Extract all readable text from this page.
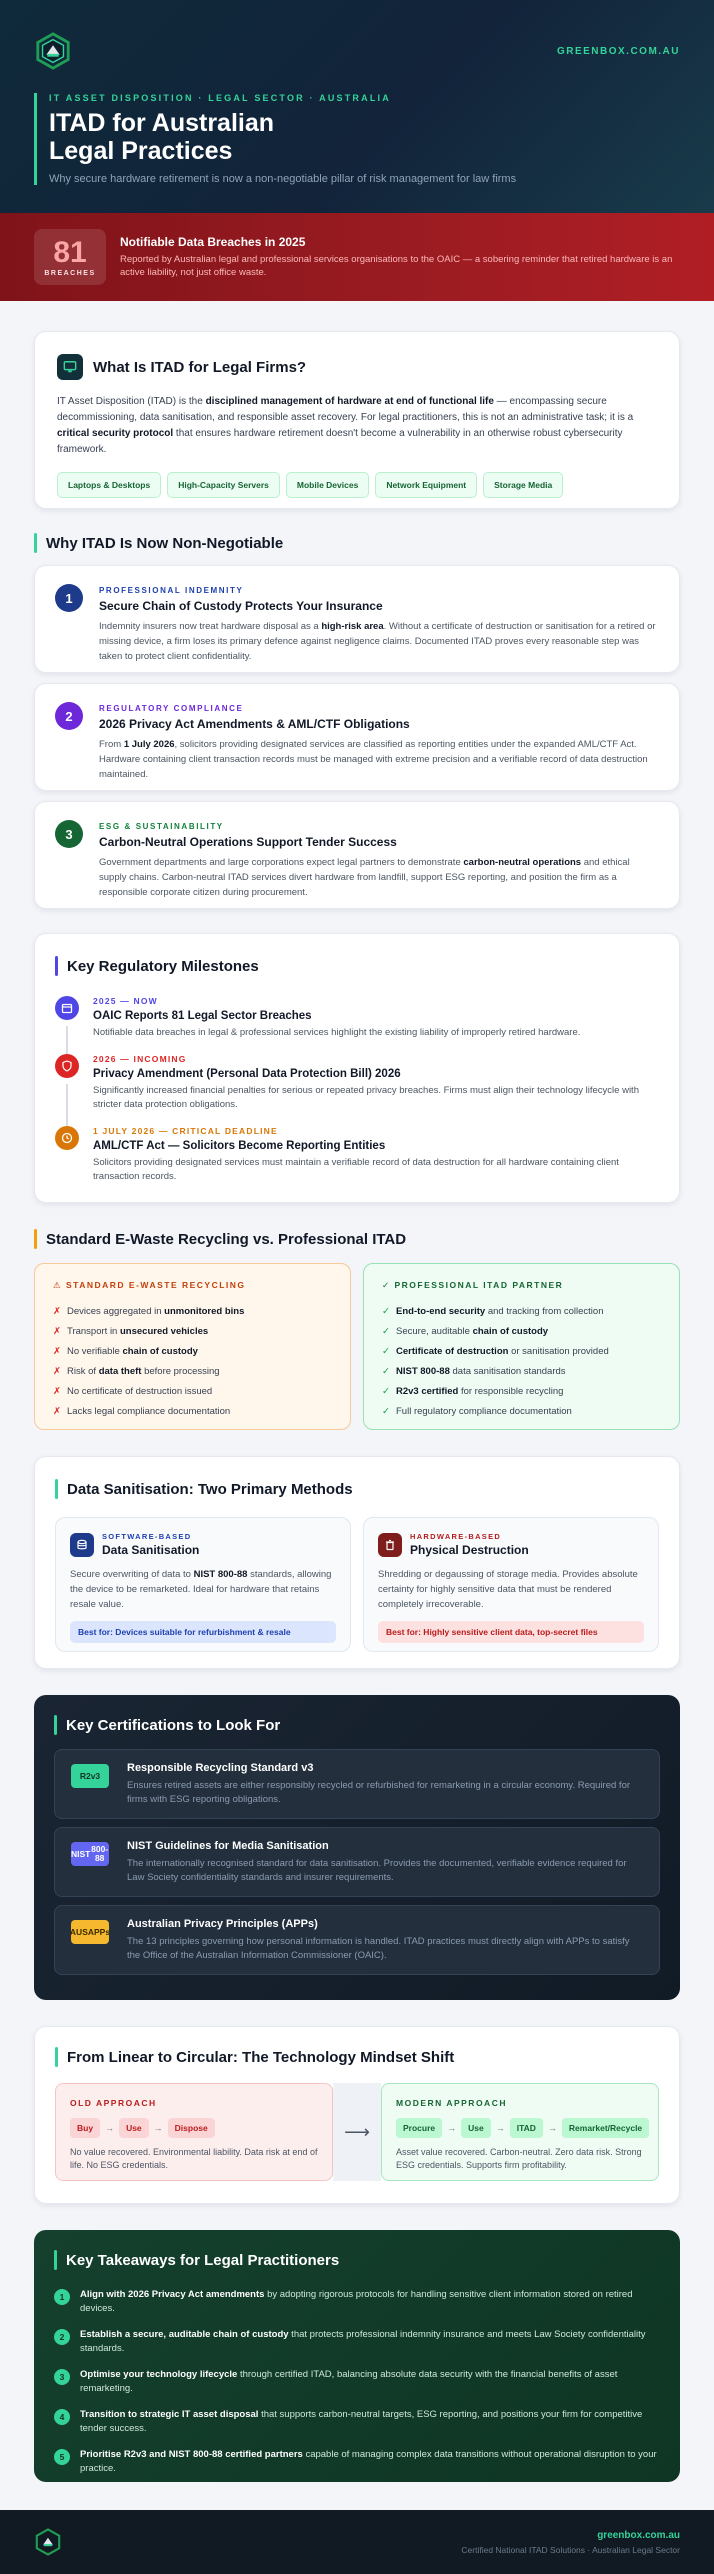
GREENBOX.COM.AU
IT ASSET DISPOSITION · LEGAL SECTOR · AUSTRALIA
ITAD for Australian
Legal Practices
Why secure hardware retirement is now a non-negotiable pillar of risk management for law firms
81
BREACHES
Notifiable Data Breaches in 2025
Reported by Australian legal and professional services organisations to the OAIC — a sobering reminder that retired hardware is an active liability, not just office waste.
What Is ITAD for Legal Firms?

IT Asset Disposition (ITAD) is the disciplined management of hardware at end of functional life — encompassing secure decommissioning, data sanitisation, and responsible asset recovery. For legal practitioners, this is not an administrative task; it is a critical security protocol that ensures hardware retirement doesn't become a vulnerability in an otherwise robust cybersecurity framework.

Laptops & Desktops	High-Capacity Servers	Mobile Devices	Network Equipment	Storage Media
Why ITAD Is Now Non-Negotiable
1	PROFESSIONAL INDEMNITY
Secure Chain of Custody Protects Your Insurance
Indemnity insurers now treat hardware disposal as a high-risk area. Without a certificate of destruction or sanitisation for a retired or missing device, a firm loses its primary defence against negligence claims. Documented ITAD proves every reasonable step was taken to protect client confidentiality.
2	REGULATORY COMPLIANCE
2026 Privacy Act Amendments & AML/CTF Obligations
From 1 July 2026, solicitors providing designated services are classified as reporting entities under the expanded AML/CTF Act. Hardware containing client transaction records must be managed with extreme precision and a verifiable record of data destruction maintained.
3	ESG & SUSTAINABILITY
Carbon-Neutral Operations Support Tender Success
Government departments and large corporations expect legal partners to demonstrate carbon-neutral operations and ethical supply chains. Carbon-neutral ITAD services divert hardware from landfill, support ESG reporting, and position the firm as a responsible corporate citizen during procurement.
Key Regulatory Milestones
2025 — NOW
OAIC Reports 81 Legal Sector Breaches
Notifiable data breaches in legal & professional services highlight the existing liability of improperly retired hardware.
2026 — INCOMING
Privacy Amendment (Personal Data Protection Bill) 2026
Significantly increased financial penalties for serious or repeated privacy breaches. Firms must align their technology lifecycle with stricter data protection obligations.
1 JULY 2026 — CRITICAL DEADLINE
AML/CTF Act — Solicitors Become Reporting Entities
Solicitors providing designated services must maintain a verifiable record of data destruction for all hardware containing client transaction records.
Standard E-Waste Recycling vs. Professional ITAD
⚠ STANDARD E-WASTE RECYCLING
✗ Devices aggregated in unmonitored bins
✗ Transport in unsecured vehicles
✗ No verifiable chain of custody
✗ Risk of data theft before processing
✗ No certificate of destruction issued
✗ Lacks legal compliance documentation
✓ PROFESSIONAL ITAD PARTNER
✓ End-to-end security and tracking from collection
✓ Secure, auditable chain of custody
✓ Certificate of destruction or sanitisation provided
✓ NIST 800-88 data sanitisation standards
✓ R2v3 certified for responsible recycling
✓ Full regulatory compliance documentation
Data Sanitisation: Two Primary Methods
SOFTWARE-BASED
Data Sanitisation
Secure overwriting of data to NIST 800-88 standards, allowing the device to be remarketed. Ideal for hardware that retains resale value.
Best for: Devices suitable for refurbishment & resale
HARDWARE-BASED
Physical Destruction
Shredding or degaussing of storage media. Provides absolute certainty for highly sensitive data that must be rendered completely irrecoverable.
Best for: Highly sensitive client data, top-secret files
Key Certifications to Look For
R2v3
Responsible Recycling Standard v3
Ensures retired assets are either responsibly recycled or refurbished for remarketing in a circular economy. Required for firms with ESG reporting obligations.
NIST 800-88
NIST Guidelines for Media Sanitisation
The internationally recognised standard for data sanitisation. Provides the documented, verifiable evidence required for Law Society confidentiality standards and insurer requirements.
AUS APPs
Australian Privacy Principles (APPs)
The 13 principles governing how personal information is handled. ITAD practices must directly align with APPs to satisfy the Office of the Australian Information Commissioner (OAIC).
From Linear to Circular: The Technology Mindset Shift
OLD APPROACH
Buy	→	Use	→	Dispose
No value recovered. Environmental liability. Data risk at end of life. No ESG credentials.
⟶
MODERN APPROACH
Procure	→	Use	→	ITAD	→	Remarket/Recycle
Asset value recovered. Carbon-neutral. Zero data risk. Strong ESG credentials. Supports firm profitability.
Key Takeaways for Legal Practitioners
1	Align with 2026 Privacy Act amendments by adopting rigorous protocols for handling sensitive client information stored on retired devices.
2	Establish a secure, auditable chain of custody that protects professional indemnity insurance and meets Law Society confidentiality standards.
3	Optimise your technology lifecycle through certified ITAD, balancing absolute data security with the financial benefits of asset remarketing.
4	Transition to strategic IT asset disposal that supports carbon-neutral targets, ESG reporting, and positions your firm for competitive tender success.
5	Prioritise R2v3 and NIST 800-88 certified partners capable of managing complex data transitions without operational disruption to your practice.
greenbox.com.au
Certified National ITAD Solutions · Australian Legal Sector
